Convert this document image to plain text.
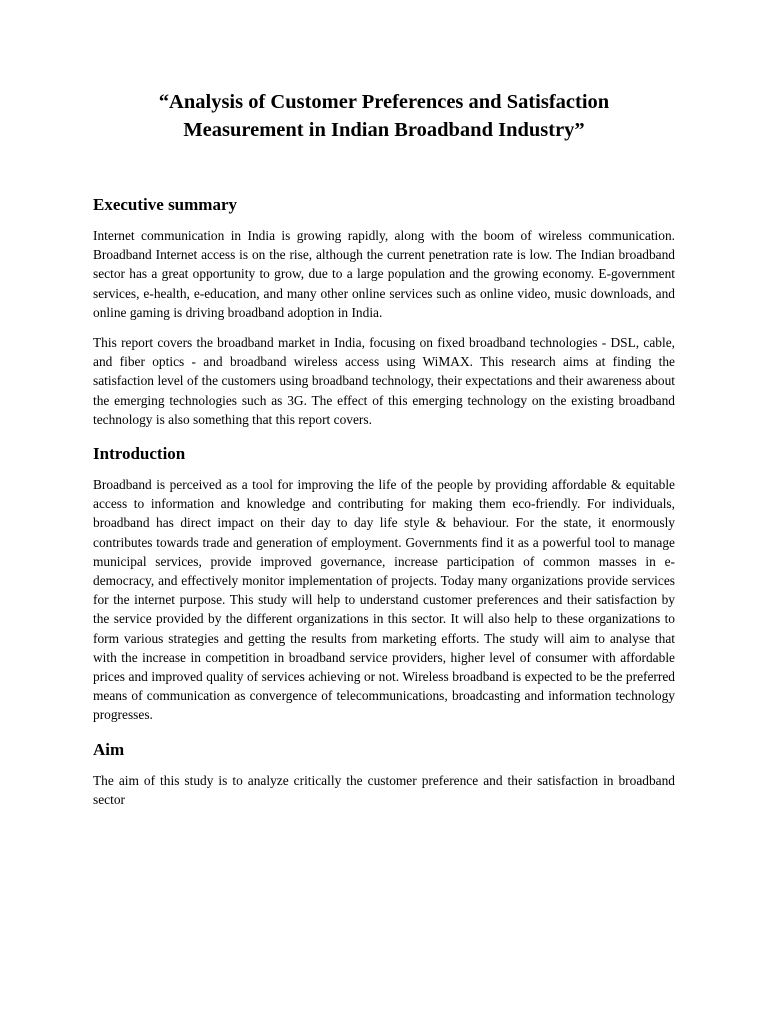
“Analysis of Customer Preferences and Satisfaction
Measurement in Indian Broadband Industry”
Executive summary

Internet communication in India is growing rapidly, along with the boom of wireless communication. Broadband Internet access is on the rise, although the current penetration rate is low. The Indian broadband sector has a great opportunity to grow, due to a large population and the growing economy. E-government services, e-health, e-education, and many other online services such as online video, music downloads, and online gaming is driving broadband adoption in India.

This report covers the broadband market in India, focusing on fixed broadband technologies - DSL, cable, and fiber optics - and broadband wireless access using WiMAX. This research aims at finding the satisfaction level of the customers using broadband technology, their expectations and their awareness about the emerging technologies such as 3G. The effect of this emerging technology on the existing broadband technology is also something that this report covers.

Introduction

Broadband is perceived as a tool for improving the life of the people by providing affordable & equitable access to information and knowledge and contributing for making them eco-friendly. For individuals, broadband has direct impact on their day to day life style & behaviour. For the state, it enormously contributes towards trade and generation of employment. Governments find it as a powerful tool to manage municipal services, provide improved governance, increase participation of common masses in e-democracy, and effectively monitor implementation of projects. Today many organizations provide services for the internet purpose. This study will help to understand customer preferences and their satisfaction by the service provided by the different organizations in this sector. It will also help to these organizations to form various strategies and getting the results from marketing efforts. The study will aim to analyse that with the increase in competition in broadband service providers, higher level of consumer with affordable prices and improved quality of services achieving or not. Wireless broadband is expected to be the preferred means of communication as convergence of telecommunications, broadcasting and information technology progresses.

Aim

The aim of this study is to analyze critically the customer preference and their satisfaction in broadband sector
